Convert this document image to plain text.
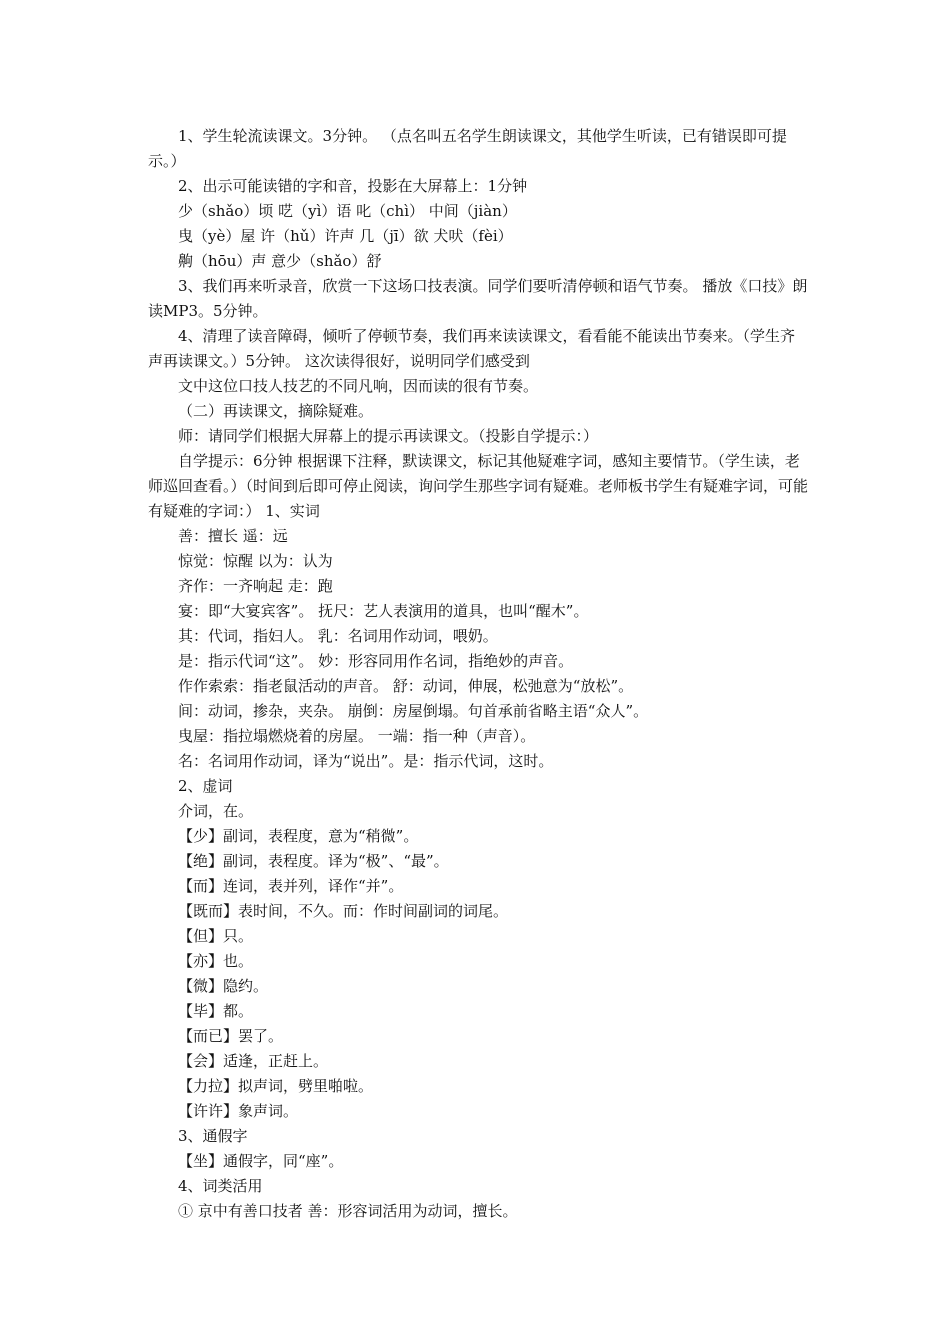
1、学生轮流读课文。3分钟。 （点名叫五名学生朗读课文，其他学生听读，已有错误即可提示。）

2、出示可能读错的字和音，投影在大屏幕上：1分钟

少（shǎo）顷 呓（yì）语 叱（chì） 中间（jiàn）

曳（yè）屋 许（hǔ）许声 几（jī）欲 犬吠（fèi）

齁（hōu）声 意少（shǎo）舒

3、我们再来听录音，欣赏一下这场口技表演。同学们要听清停顿和语气节奏。 播放《口技》朗读MP3。5分钟。

4、清理了读音障碍，倾听了停顿节奏，我们再来读读课文，看看能不能读出节奏来。（学生齐声再读课文。）5分钟。 这次读得很好，说明同学们感受到

文中这位口技人技艺的不同凡响，因而读的很有节奏。

（二）再读课文，摘除疑难。

师：请同学们根据大屏幕上的提示再读课文。（投影自学提示：）

自学提示：6分钟 根据课下注释，默读课文，标记其他疑难字词，感知主要情节。（学生读，老师巡回查看。）（时间到后即可停止阅读，询问学生那些字词有疑难。老师板书学生有疑难字词，可能有疑难的字词：） 1、实词

善：擅长 遥：远

惊觉：惊醒 以为：认为

齐作：一齐响起 走：跑

宴：即“大宴宾客”。 抚尺：艺人表演用的道具，也叫“醒木”。

其：代词，指妇人。 乳：名词用作动词，喂奶。

是：指示代词“这”。 妙：形容同用作名词，指绝妙的声音。

作作索索：指老鼠活动的声音。 舒：动词，伸展，松弛意为“放松”。

间：动词，掺杂，夹杂。 崩倒：房屋倒塌。句首承前省略主语“众人”。

曳屋：指拉塌燃烧着的房屋。 一端：指一种（声音）。

名：名词用作动词，译为“说出”。是：指示代词，这时。

2、虚词

介词，在。

【少】副词，表程度，意为“稍微”。

【绝】副词，表程度。译为“极”、“最”。

【而】连词，表并列，译作“并”。

【既而】表时间，不久。而：作时间副词的词尾。

【但】只。

【亦】也。

【微】隐约。

【毕】都。

【而已】罢了。

【会】适逢，正赶上。

【力拉】拟声词，劈里啪啦。

【许许】象声词。

3、通假字

【坐】通假字，同“座”。

4、词类活用

① 京中有善口技者 善：形容词活用为动词，擅长。
